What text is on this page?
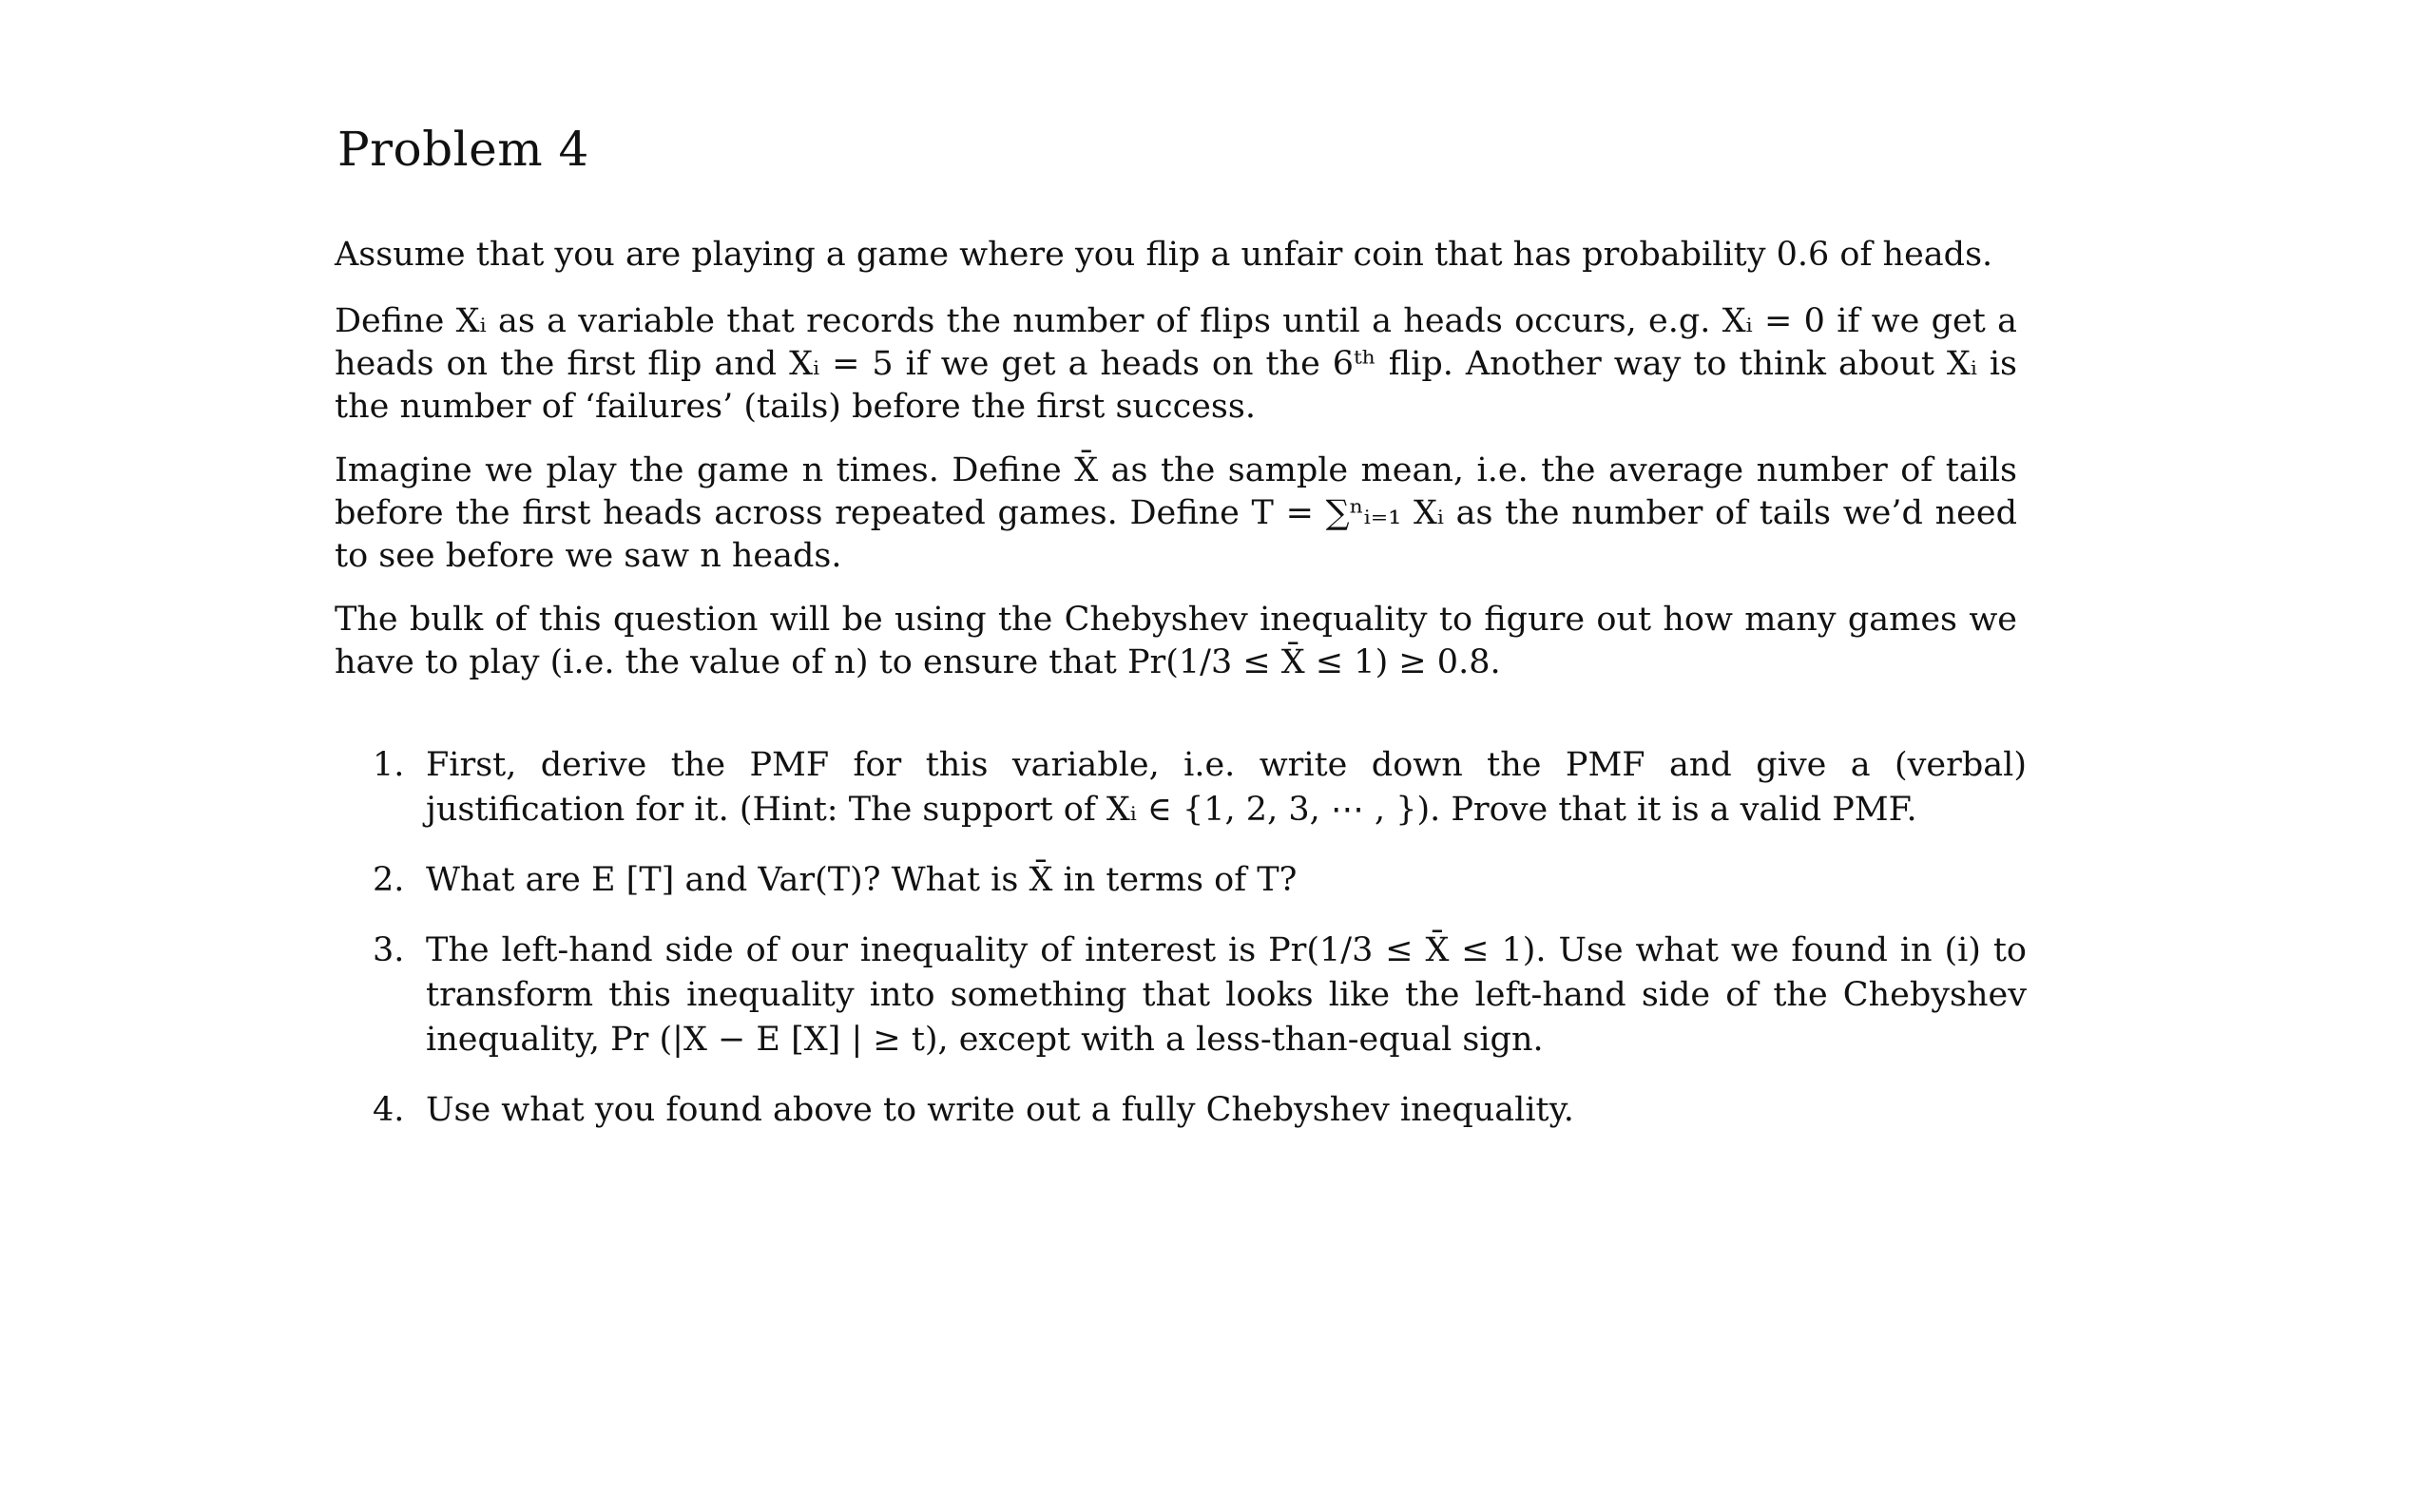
Problem 4

Assume that you are playing a game where you flip a unfair coin that has probability 0.6 of heads.

Define Xᵢ as a variable that records the number of flips until a heads occurs, e.g. Xᵢ = 0 if we get a heads on the first flip and Xᵢ = 5 if we get a heads on the 6ᵗʰ flip. Another way to think about Xᵢ is the number of ‘failures’ (tails) before the first success.

Imagine we play the game n times. Define X̄ as the sample mean, i.e. the average number of tails before the first heads across repeated games. Define T = ∑ⁿᵢ₌₁ Xᵢ as the number of tails we’d need to see before we saw n heads.

The bulk of this question will be using the Chebyshev inequality to figure out how many games we have to play (i.e. the value of n) to ensure that Pr(1/3 ≤ X̄ ≤ 1) ≥ 0.8.

1. First, derive the PMF for this variable, i.e. write down the PMF and give a (verbal) justification for it. (Hint: The support of Xᵢ ∈ {1, 2, 3, ⋯ , }). Prove that it is a valid PMF.
2. What are E [T] and Var(T)? What is X̄ in terms of T?
3. The left-hand side of our inequality of interest is Pr(1/3 ≤ X̄ ≤ 1). Use what we found in (i) to transform this inequality into something that looks like the left-hand side of the Chebyshev inequality, Pr (|X − E [X] | ≥ t), except with a less-than-equal sign.
4. Use what you found above to write out a fully Chebyshev inequality.
